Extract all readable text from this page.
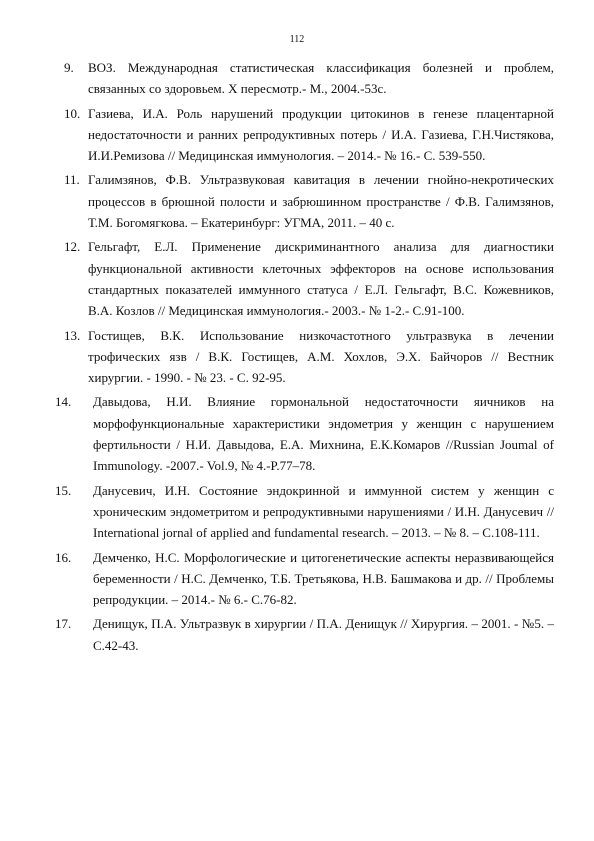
112
9. ВОЗ. Международная статистическая классификация болезней и проблем, связанных со здоровьем. Х пересмотр.- М., 2004.-53с.
10. Газиева, И.А. Роль нарушений продукции цитокинов в генезе плацентарной недостаточности и ранних репродуктивных потерь / И.А. Газиева, Г.Н.Чистякова, И.И.Ремизова // Медицинская иммунология. – 2014.- № 16.- С. 539-550.
11. Галимзянов, Ф.В. Ультразвуковая кавитация в лечении гнойно-некротических процессов в брюшной полости и забрюшинном пространстве / Ф.В. Галимзянов, Т.М. Богомягкова. – Екатеринбург: УГМА, 2011. – 40 с.
12. Гельгафт, Е.Л. Применение дискриминантного анализа для диагностики функциональной активности клеточных эффекторов на основе использования стандартных показателей иммунного статуса / Е.Л. Гельгафт, В.С. Кожевников, В.А. Козлов // Медицинская иммунология.- 2003.- № 1-2.- С.91-100.
13. Гостищев, В.К. Использование низкочастотного ультразвука в лечении трофических язв / В.К. Гостищев, А.М. Хохлов, Э.Х. Байчоров // Вестник хирургии. - 1990. - № 23. - С. 92-95.
14. Давыдова, Н.И. Влияние гормональной недостаточности яичников на морфофункциональные характеристики эндометрия у женщин с нарушением фертильности / Н.И. Давыдова, Е.А. Михнина, Е.К.Комаров //Russian Joumal of Immunology. -2007.- Vol.9, № 4.-P.77–78.
15. Данусевич, И.Н. Состояние эндокринной и иммунной систем у женщин с хроническим эндометритом и репродуктивными нарушениями / И.Н. Данусевич // International jornal of applied and fundamental research. – 2013. – № 8. – С.108-111.
16. Демченко, Н.С. Морфологические и цитогенетические аспекты неразвивающейся беременности / Н.С. Демченко, Т.Б. Третьякова, Н.В. Башмакова и др. // Проблемы репродукции. – 2014.- № 6.- С.76-82.
17. Денищук, П.А. Ультразвук в хирургии / П.А. Денищук // Хирургия. – 2001. - №5. – С.42-43.
